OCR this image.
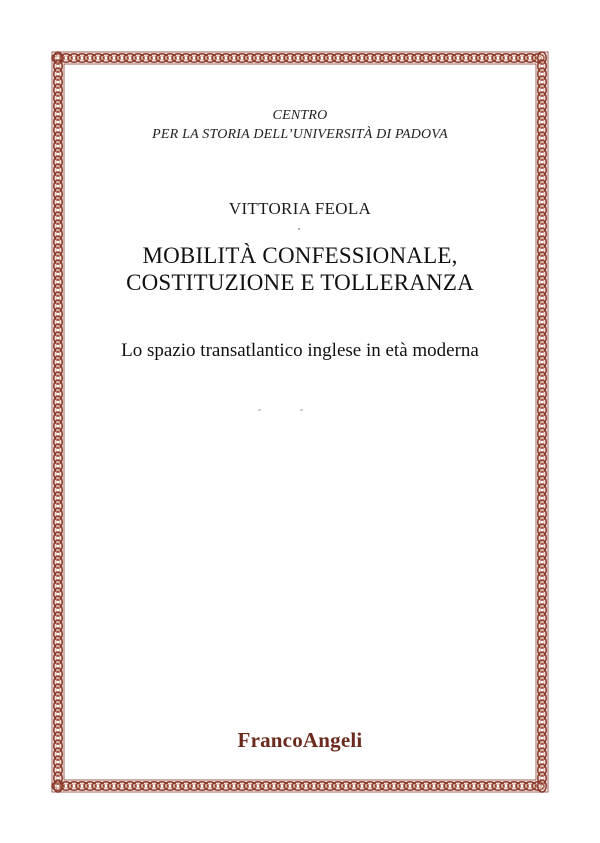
CENTRO
PER LA STORIA DELL’UNIVERSITÀ DI PADOVA
VITTORIA FEOLA
MOBILITÀ CONFESSIONALE,
COSTITUZIONE E TOLLERANZA
Lo spazio transatlantico inglese in età moderna
FrancoAngeli
